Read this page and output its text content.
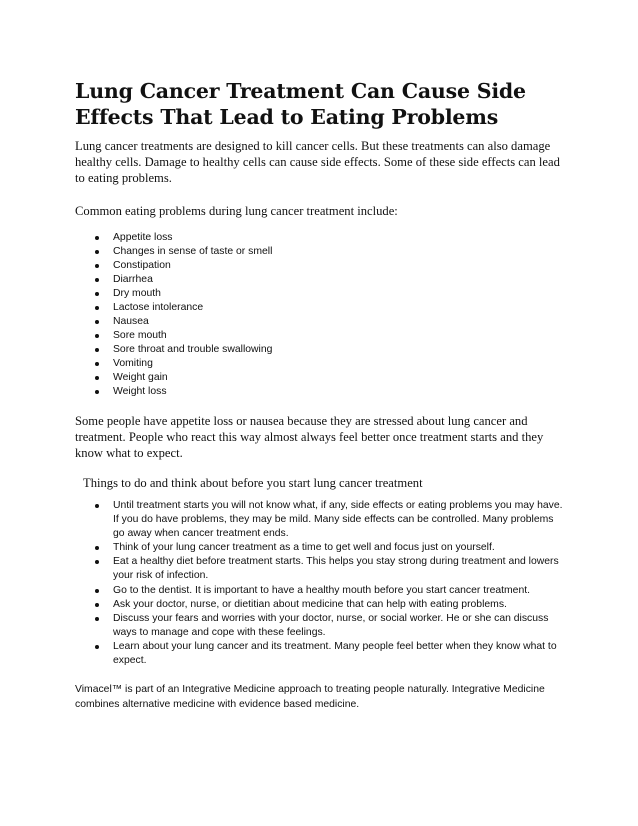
Lung Cancer Treatment Can Cause Side Effects That Lead to Eating Problems

Lung cancer treatments are designed to kill cancer cells. But these treatments can also damage healthy cells. Damage to healthy cells can cause side effects. Some of these side effects can lead to eating problems.

Common eating problems during lung cancer treatment include:

Appetite loss
Changes in sense of taste or smell
Constipation
Diarrhea
Dry mouth
Lactose intolerance
Nausea
Sore mouth
Sore throat and trouble swallowing
Vomiting
Weight gain
Weight loss

Some people have appetite loss or nausea because they are stressed about lung cancer and treatment. People who react this way almost always feel better once treatment starts and they know what to expect.

Things to do and think about before you start lung cancer treatment

Until treatment starts you will not know what, if any, side effects or eating problems you may have. If you do have problems, they may be mild. Many side effects can be controlled. Many problems go away when cancer treatment ends.
Think of your lung cancer treatment as a time to get well and focus just on yourself.
Eat a healthy diet before treatment starts. This helps you stay strong during treatment and lowers your risk of infection.
Go to the dentist. It is important to have a healthy mouth before you start cancer treatment.
Ask your doctor, nurse, or dietitian about medicine that can help with eating problems.
Discuss your fears and worries with your doctor, nurse, or social worker. He or she can discuss ways to manage and cope with these feelings.
Learn about your lung cancer and its treatment. Many people feel better when they know what to expect.

Vimacel™ is part of an Integrative Medicine approach to treating people naturally. Integrative Medicine combines alternative medicine with evidence based medicine.
